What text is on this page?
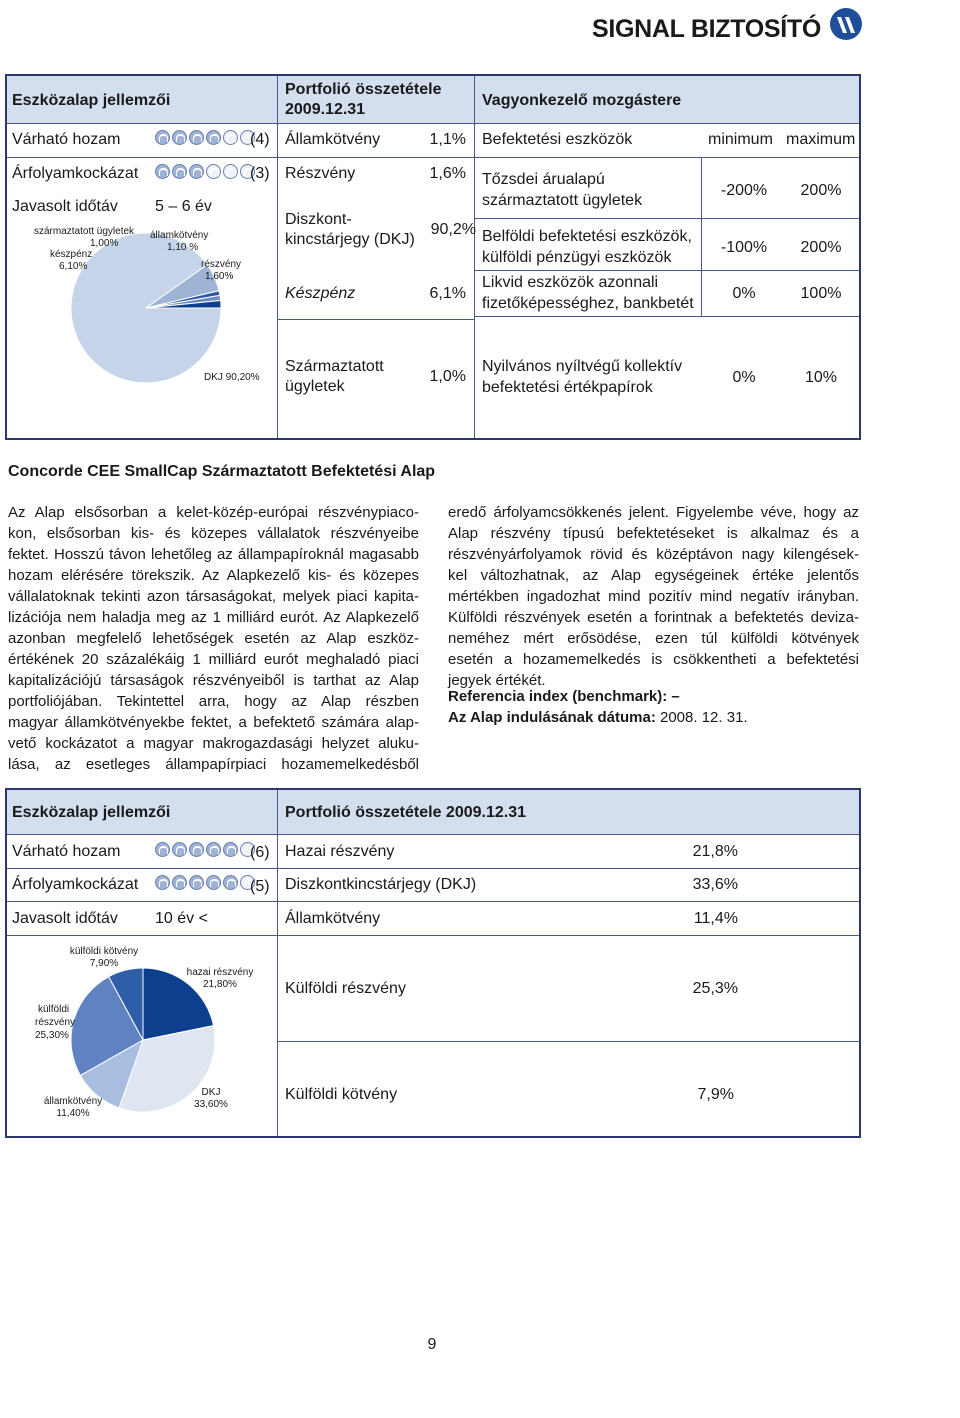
SIGNAL BIZTOSÍTÓ
Eszközalap jellemzői
Portfolió összetétele 2009.12.31
Vagyonkezelő mozgástere
Várható hozam	(4)
Árfolyamkockázat	(3)
Javasolt időtáv 5 – 6 év
származtatott ügyletek
1,00%
államkötvény
1,10 %
készpénz
6,10%	részvény
1,60%
DKJ 90,20%
Államkötvény	1,1%
Részvény	1,6%
Diszkont-
kincstárjegy (DKJ)
90,2%
Készpénz	6,1%
Származtatott
ügyletek
1,0%
Befektetési eszközök	minimum maximum
Tőzsdei árualapú
származtatott ügyletek
-200%	200%
Belföldi befektetési eszközök,
külföldi pénzügyi eszközök
-100%	200%
Likvid eszközök azonnali
fizetőképességhez, bankbetét
0%	100%
Nyilvános nyíltvégű kollektív
befektetési értékpapírok
0%	10%
Concorde CEE SmallCap Származtatott Befektetési Alap
Az Alap elsősorban a kelet-közép-európai részvénypiaco-
kon, elsősorban kis- és közepes vállalatok részvényeibe
fektet. Hosszú távon lehetőleg az állampapíroknál magasabb
hozam elérésére törekszik. Az Alapkezelő kis- és közepes
vállalatoknak tekinti azon társaságokat, melyek piaci kapita-
lizációja nem haladja meg az 1 milliárd eurót. Az Alapkezelő
azonban megfelelő lehetőségek esetén az Alap eszköz-
értékének 20 százalékáig 1 milliárd eurót meghaladó piaci
kapitalizációjú társaságok részvényeiből is tarthat az Alap
portfoliójában. Tekintettel arra, hogy az Alap részben
magyar államkötvényekbe fektet, a befektető számára alap-
vető kockázatot a magyar makrogazdasági helyzet aluku-
lása, az esetleges állampapírpiaci hozamemelkedésből
eredő árfolyamcsökkenés jelent. Figyelembe véve, hogy az
Alap részvény típusú befektetéseket is alkalmaz és a
részvényárfolyamok rövid és középtávon nagy kilengések-
kel változhatnak, az Alap egységeinek értéke jelentős
mértékben ingadozhat mind pozitív mind negatív irányban.
Külföldi részvények esetén a forintnak a befektetés deviza-
neméhez mért erősödése, ezen túl külföldi kötvények
esetén a hozamemelkedés is csökkentheti a befektetési
jegyek értékét.
Referencia index (benchmark): –
Az Alap indulásának dátuma: 2008. 12. 31.
Eszközalap jellemzői	Portfolió összetétele 2009.12.31
Várható hozam	(6)
Árfolyamkockázat	(5)
Javasolt időtáv 10 év <
Hazai részvény	21,8%
Diszkontkincstárjegy (DKJ)	33,6%
Államkötvény	11,4%
Külföldi részvény	25,3%
Külföldi kötvény	7,9%
külföldi kötvény
7,90%
hazai részvény
21,80%
külföldi
részvény
25,30%
államkötvény
11,40%
DKJ
33,60%
9
